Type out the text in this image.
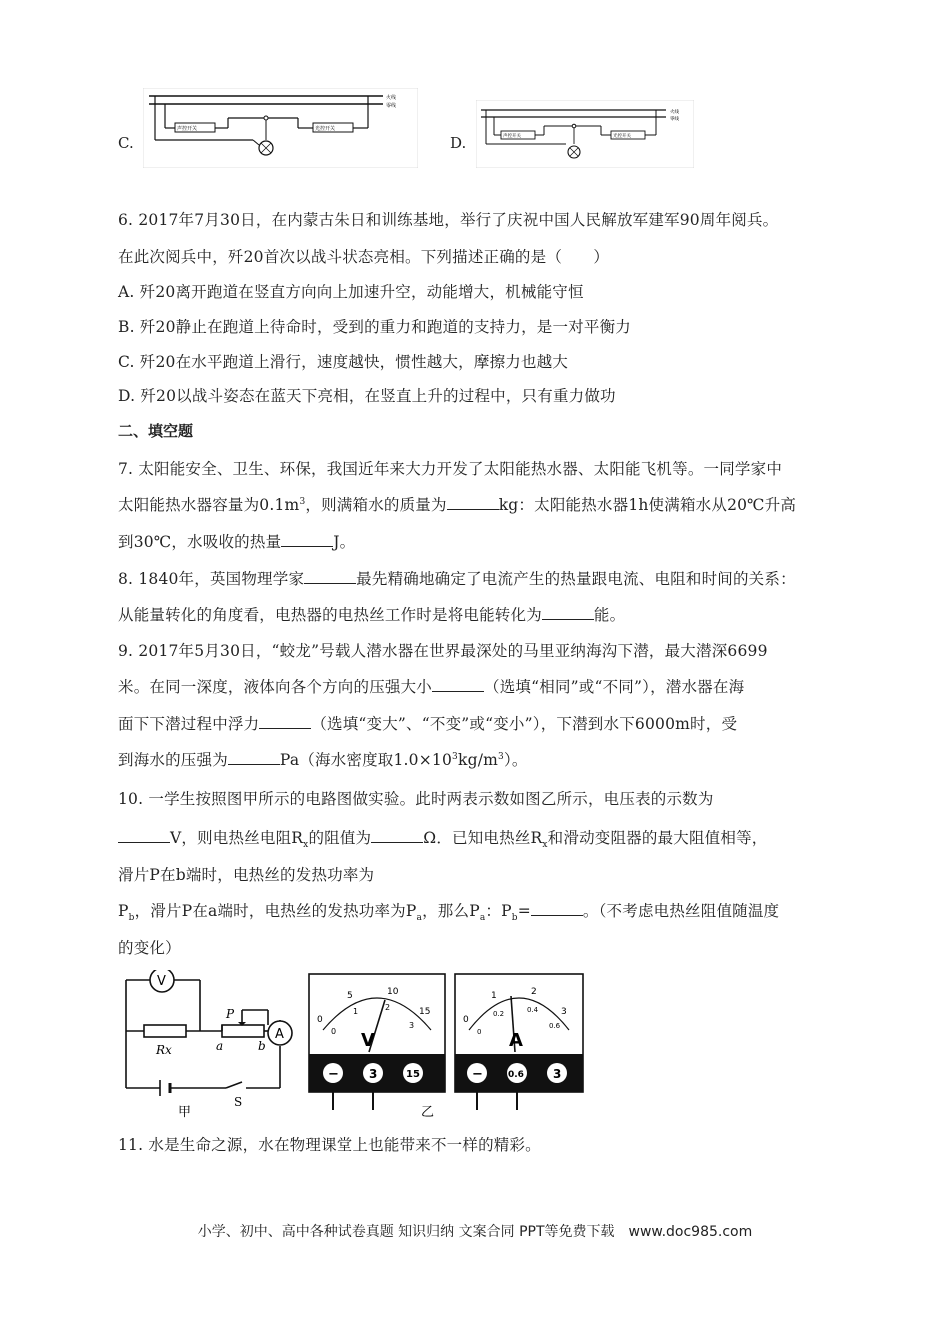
C.
火线
零线
声控开关	光控开关
D.
火线
零线
声控开关	光控开关
6. 2017年7月30日，在内蒙古朱日和训练基地，举行了庆祝中国人民解放军建军90周年阅兵。
在此次阅兵中，歼20首次以战斗状态亮相。下列描述正确的是（　　）
A. 歼20离开跑道在竖直方向向上加速升空，动能增大，机械能守恒
B. 歼20静止在跑道上待命时，受到的重力和跑道的支持力，是一对平衡力
C. 歼20在水平跑道上滑行，速度越快，惯性越大，摩擦力也越大
D. 歼20以战斗姿态在蓝天下亮相，在竖直上升的过程中，只有重力做功
二、填空题
7. 太阳能安全、卫生、环保，我国近年来大力开发了太阳能热水器、太阳能飞机等。一同学家中
太阳能热水器容量为$0.1m^3$，则满箱水的质量为	kg：太阳能热水器1h使满箱水从20℃升高
到30℃，水吸收的热量	J。
8. 1840年，英国物理学家	最先精确地确定了电流产生的热量跟电流、电阻和时间的关系：
从能量转化的角度看，电热器的电热丝工作时是将电能转化为	能。
9. 2017年5月30日，“蛟龙”号载人潜水器在世界最深处的马里亚纳海沟下潜，最大潜深6699
米。在同一深度，液体向各个方向的压强大小	（选填“相同”或“不同”），潜水器在海
面下下潜过程中浮力	（选填“变大”、“不变”或“变小”），下潜到水下6000m时，受
到海水的压强为	Pa（海水密度取$1.0\times 10^3kg/m^3$）。
10. 一学生按照图甲所示的电路图做实验。此时两表示数如图乙所示，电压表的示数为
V，则电热丝电阻$R_x$的阻值为	Ω．已知电热丝$R_x$和滑动变阻器的最大阻值相等，
滑片P在b端时，电热丝的发热功率为
$P_b$，滑片P在a端时，电热丝的发热功率为$P_a$，那么$P_a$：$P_b=$	。（不考虑电热丝阻值随温度
的变化）
V
A
Rx
P
a	b
S
甲
0
5	10
15
0
1	2
3
V
−	3	15
乙
0
1	2
3
0
0.2	0.4
0.6
A
−	0.6 3
11. 水是生命之源，水在物理课堂上也能带来不一样的精彩。
小学、初中、高中各种试卷真题 知识归纳 文案合同 PPT等免费下载　www.doc985.com
